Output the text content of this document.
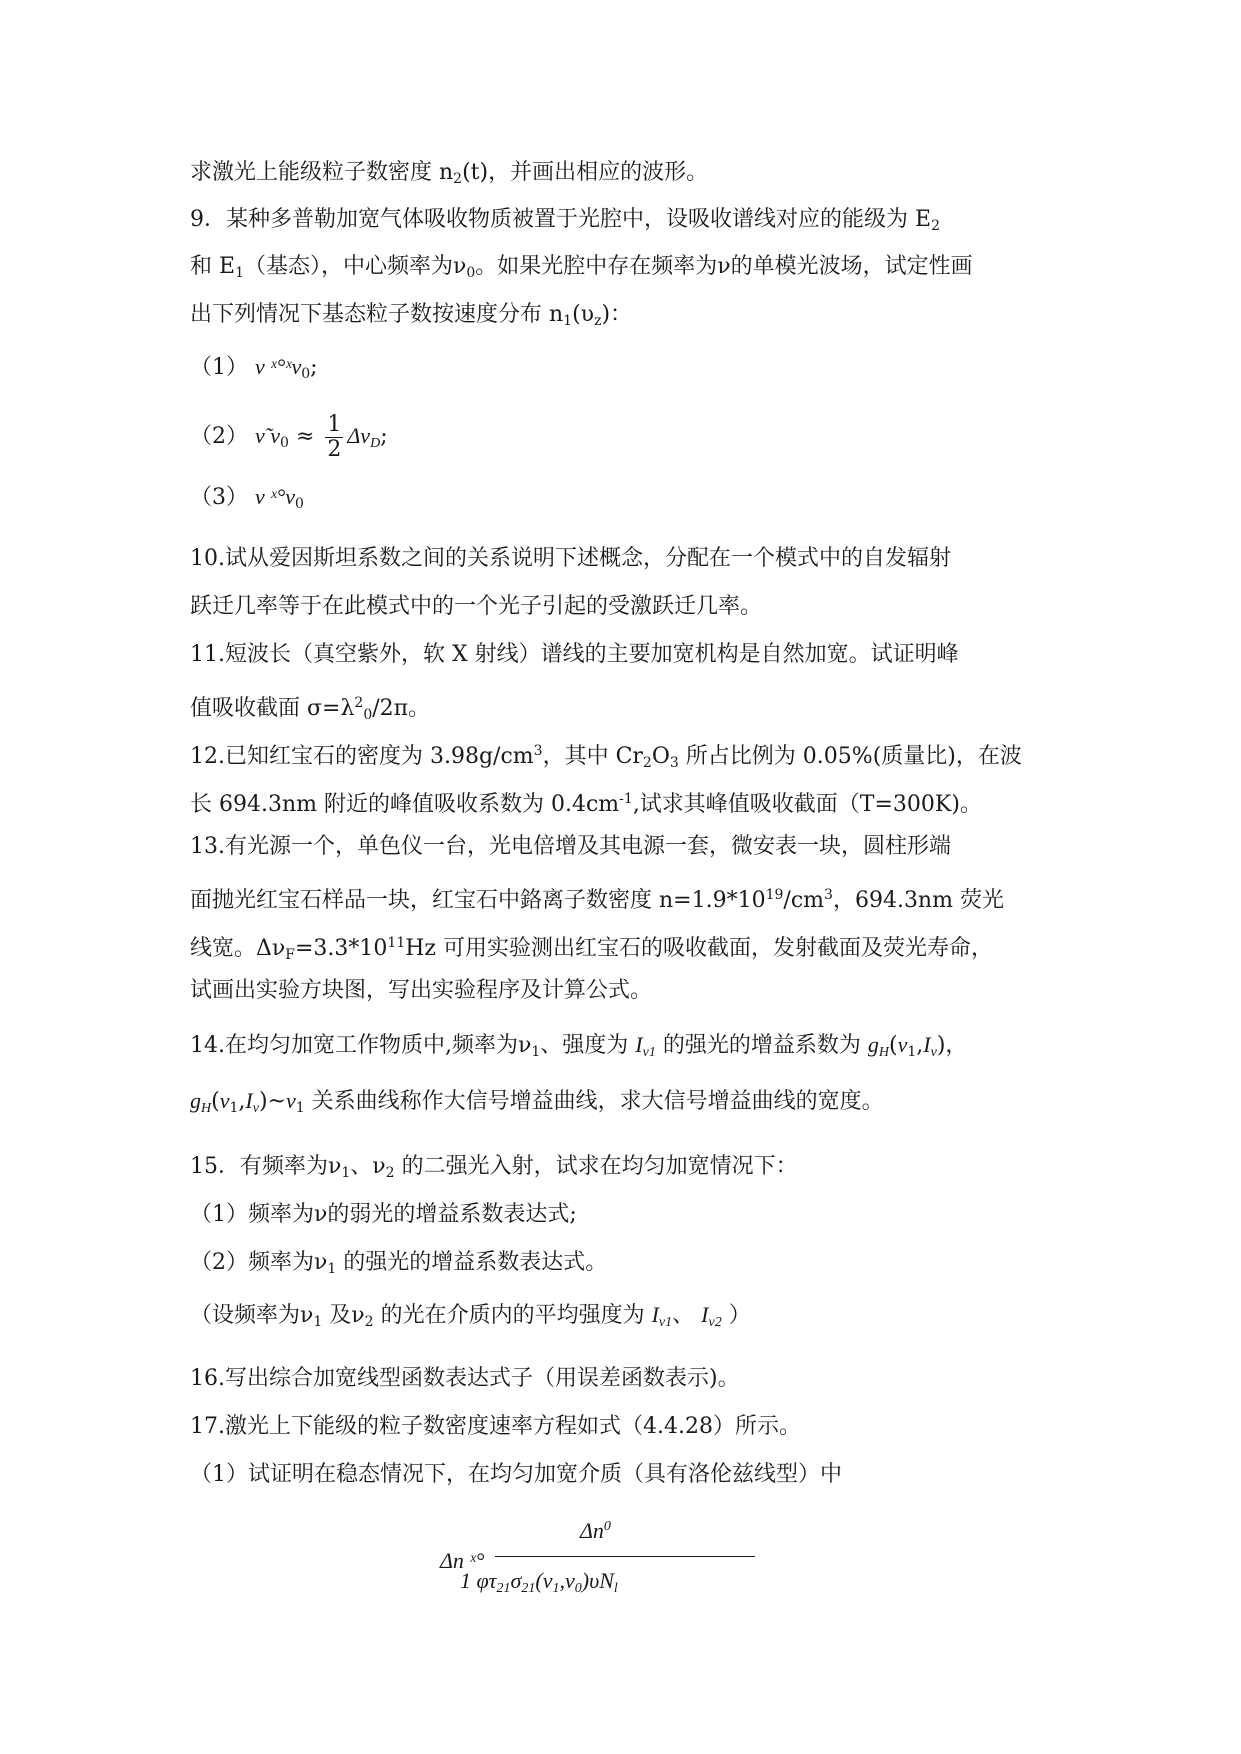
求激光上能级粒子数密度 $n_2(t)$，并画出相应的波形。
9．某种多普勒加宽气体吸收物质被置于光腔中，设吸收谱线对应的能级为 $E_2$
和 $E_1$（基态），中心频率为$\nu_0$。如果光腔中存在频率为ν的单模光波场，试定性画
出下列情况下基态粒子数按速度分布 $n_1(\upsilon_z)$：
（1） ν ˣ°ˣν$_0$;
（2） ν̃ $\nu_0 \approx \frac{1}{2} \Delta\nu_D$;
（3） ν $ˣ^\circ\nu_0$
10.试从爱因斯坦系数之间的关系说明下述概念，分配在一个模式中的自发辐射
跃迁几率等于在此模式中的一个光子引起的受激跃迁几率。
11.短波长（真空紫外，软 X 射线）谱线的主要加宽机构是自然加宽。试证明峰
值吸收截面 $\sigma=\lambda^2_0/2\pi$。
12.已知红宝石的密度为 $3.98g/cm^3$，其中 $Cr_2O_3$ 所占比例为 0.05%(质量比)，在波
长 694.3nm 附近的峰值吸收系数为 $0.4cm^{-1}$,试求其峰值吸收截面（T=300K)。
13.有光源一个，单色仪一台，光电倍增及其电源一套，微安表一块，圆柱形端
面抛光红宝石样品一块，红宝石中鉻离子数密度 $n=1.9*10^{19}/cm^3$，694.3nm 荧光
线宽。$\Delta\nu_F=3.3*10^{11}Hz$ 可用实验测出红宝石的吸收截面，发射截面及荧光寿命，
试画出实验方块图，写出实验程序及计算公式。
14.在均匀加宽工作物质中,频率为$\nu_1$、强度为 $I_{\nu 1}$ 的强光的增益系数为 $g_H(\nu_1,I_\nu)$，
$g_H(\nu_1,I_\nu)\sim\nu_1$ 关系曲线称作大信号增益曲线，求大信号增益曲线的宽度。
15．有频率为$\nu_1$、$\nu_2$ 的二强光入射，试求在均匀加宽情况下：
（1）频率为ν的弱光的增益系数表达式;
（2）频率为$\nu_1$ 的强光的增益系数表达式。
（设频率为$\nu_1$ 及$\nu_2$ 的光在介质内的平均强度为 $I_{\nu 1}$、 $I_{\nu 2}$ ）
16.写出综合加宽线型函数表达式子（用误差函数表示)。
17.激光上下能级的粒子数密度速率方程如式（4.4.28）所示。
（1）试证明在稳态情况下，在均匀加宽介质（具有洛伦兹线型）中
Δn ˣ°
$\Delta n^0$
1 $\varphi\tau_{21}\sigma_{21}(\nu_1,\nu_0)\upsilon N_l$
